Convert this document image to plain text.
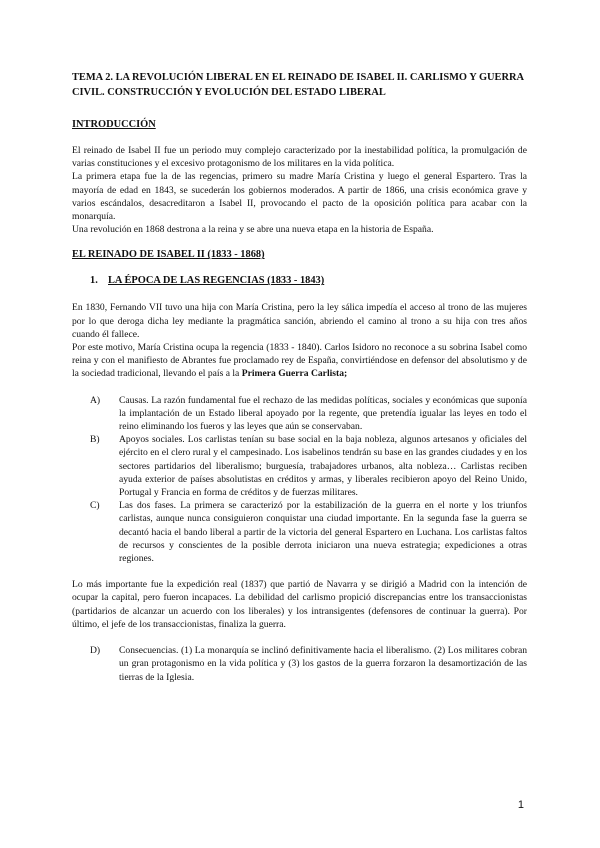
TEMA 2. LA REVOLUCIÓN LIBERAL EN EL REINADO DE ISABEL II. CARLISMO Y GUERRA CIVIL. CONSTRUCCIÓN Y EVOLUCIÓN DEL ESTADO LIBERAL
INTRODUCCIÓN

El reinado de Isabel II fue un periodo muy complejo caracterizado por la inestabilidad política, la promulgación de varias constituciones y el excesivo protagonismo de los militares en la vida política.

La primera etapa fue la de las regencias, primero su madre María Cristina y luego el general Espartero. Tras la mayoría de edad en 1843, se sucederán los gobiernos moderados. A partir de 1866, una crisis económica grave y varios escándalos, desacreditaron a Isabel II, provocando el pacto de la oposición política para acabar con la monarquía.

Una revolución en 1868 destrona a la reina y se abre una nueva etapa en la historia de España.

EL REINADO DE ISABEL II (1833 - 1868)
1. LA ÉPOCA DE LAS REGENCIAS (1833 - 1843)

En 1830, Fernando VII tuvo una hija con María Cristina, pero la ley sálica impedía el acceso al trono de las mujeres por lo que deroga dicha ley mediante la pragmática sanción, abriendo el camino al trono a su hija con tres años cuando él fallece.

Por este motivo, María Cristina ocupa la regencia (1833 - 1840). Carlos Isidoro no reconoce a su sobrina Isabel como reina y con el manifiesto de Abrantes fue proclamado rey de España, convirtiéndose en defensor del absolutismo y de la sociedad tradicional, llevando el país a la Primera Guerra Carlista;

A)	Causas. La razón fundamental fue el rechazo de las medidas políticas, sociales y económicas que suponía la implantación de un Estado liberal apoyado por la regente, que pretendía igualar las leyes en todo el reino eliminando los fueros y las leyes que aún se conservaban.
B)	Apoyos sociales. Los carlistas tenían su base social en la baja nobleza, algunos artesanos y oficiales del ejército en el clero rural y el campesinado. Los isabelinos tendrán su base en las grandes ciudades y en los sectores partidarios del liberalismo; burguesía, trabajadores urbanos, alta nobleza… Carlistas reciben ayuda exterior de países absolutistas en créditos y armas, y liberales recibieron apoyo del Reino Unido, Portugal y Francia en forma de créditos y de fuerzas militares.
C)	Las dos fases. La primera se caracterizó por la estabilización de la guerra en el norte y los triunfos carlistas, aunque nunca consiguieron conquistar una ciudad importante. En la segunda fase la guerra se decantó hacia el bando liberal a partir de la victoria del general Espartero en Luchana. Los carlistas faltos de recursos y conscientes de la posible derrota iniciaron una nueva estrategia; expediciones a otras regiones.

Lo más importante fue la expedición real (1837) que partió de Navarra y se dirigió a Madrid con la intención de ocupar la capital, pero fueron incapaces. La debilidad del carlismo propició discrepancias entre los transaccionistas (partidarios de alcanzar un acuerdo con los liberales) y los intransigentes (defensores de continuar la guerra). Por último, el jefe de los transaccionistas, finaliza la guerra.

D)	Consecuencias. (1) La monarquía se inclinó definitivamente hacia el liberalismo. (2) Los militares cobran un gran protagonismo en la vida política y (3) los gastos de la guerra forzaron la desamortización de las tierras de la Iglesia.
1
